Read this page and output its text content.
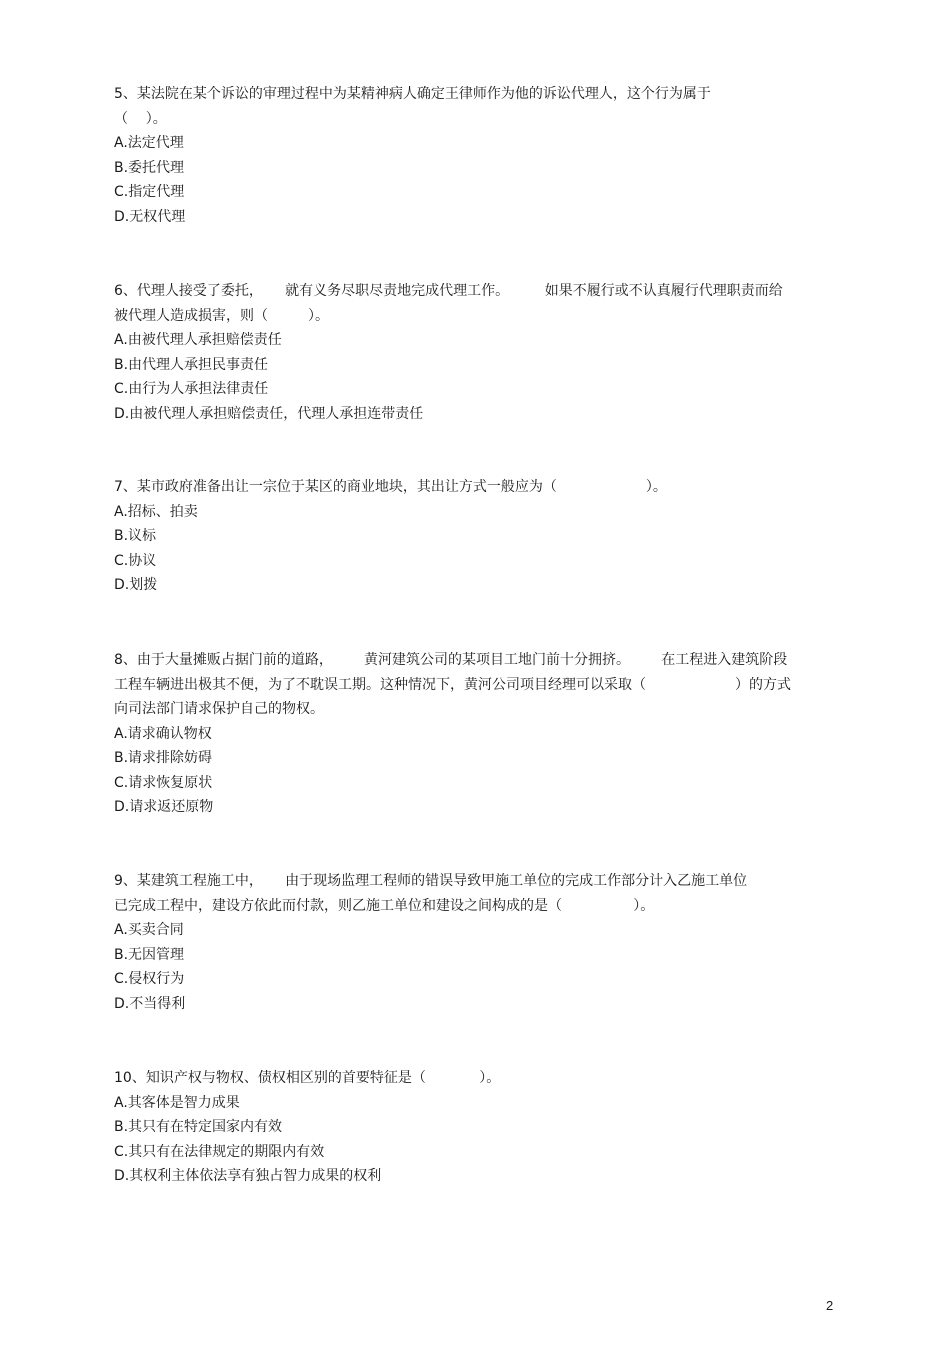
5、某法院在某个诉讼的审理过程中为某精神病人确定王律师作为他的诉讼代理人，这个行为属于
（    ）。
A.法定代理
B.委托代理
C.指定代理
D.无权代理
6、代理人接受了委托，     就有义务尽职尽责地完成代理工作。        如果不履行或不认真履行代理职责而给
被代理人造成损害，则（         ）。
A.由被代理人承担赔偿责任
B.由代理人承担民事责任
C.由行为人承担法律责任
D.由被代理人承担赔偿责任，代理人承担连带责任
7、某市政府准备出让一宗位于某区的商业地块，其出让方式一般应为（                    ）。
A.招标、拍卖
B.议标
C.协议
D.划拨
8、由于大量摊贩占据门前的道路，       黄河建筑公司的某项目工地门前十分拥挤。       在工程进入建筑阶段
工程车辆进出极其不便，为了不耽误工期。这种情况下，黄河公司项目经理可以采取（                    ）的方式
向司法部门请求保护自己的物权。
A.请求确认物权
B.请求排除妨碍
C.请求恢复原状
D.请求返还原物
9、某建筑工程施工中，     由于现场监理工程师的错误导致甲施工单位的完成工作部分计入乙施工单位
已完成工程中，建设方依此而付款，则乙施工单位和建设之间构成的是（                ）。
A.买卖合同
B.无因管理
C.侵权行为
D.不当得利
10、知识产权与物权、债权相区别的首要特征是（            ）。
A.其客体是智力成果
B.其只有在特定国家内有效
C.其只有在法律规定的期限内有效
D.其权利主体依法享有独占智力成果的权利
2
